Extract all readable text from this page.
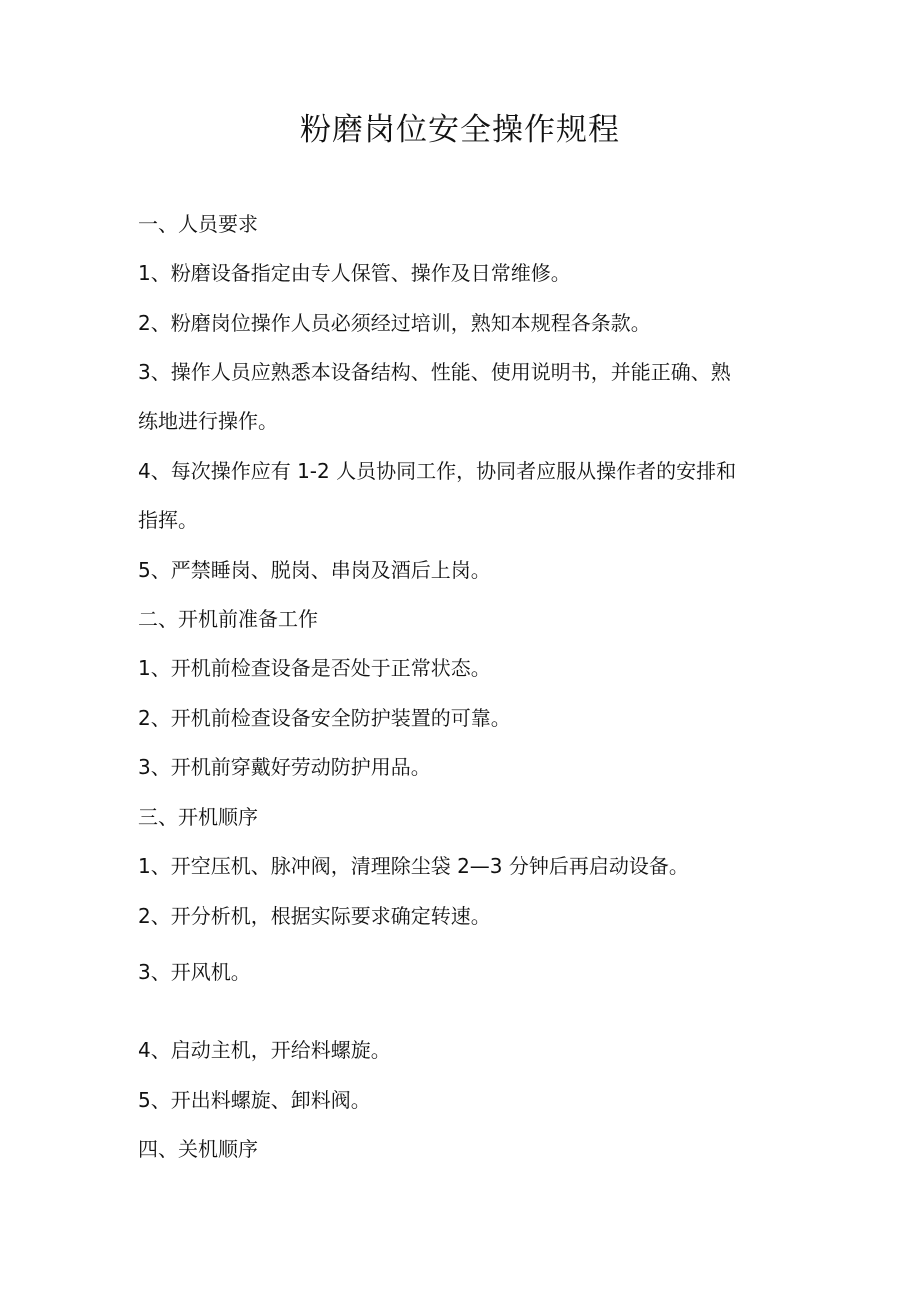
粉磨岗位安全操作规程
一、人员要求
1、粉磨设备指定由专人保管、操作及日常维修。
2、粉磨岗位操作人员必须经过培训，熟知本规程各条款。
3、操作人员应熟悉本设备结构、性能、使用说明书，并能正确、熟
练地进行操作。
4、每次操作应有 1-2 人员协同工作，协同者应服从操作者的安排和
指挥。
5、严禁睡岗、脱岗、串岗及酒后上岗。
二、开机前准备工作
1、开机前检查设备是否处于正常状态。
2、开机前检查设备安全防护装置的可靠。
3、开机前穿戴好劳动防护用品。
三、开机顺序
1、开空压机、脉冲阀，清理除尘袋 2—3 分钟后再启动设备。
2、开分析机，根据实际要求确定转速。
3、开风机。
4、启动主机，开给料螺旋。
5、开出料螺旋、卸料阀。
四、关机顺序
